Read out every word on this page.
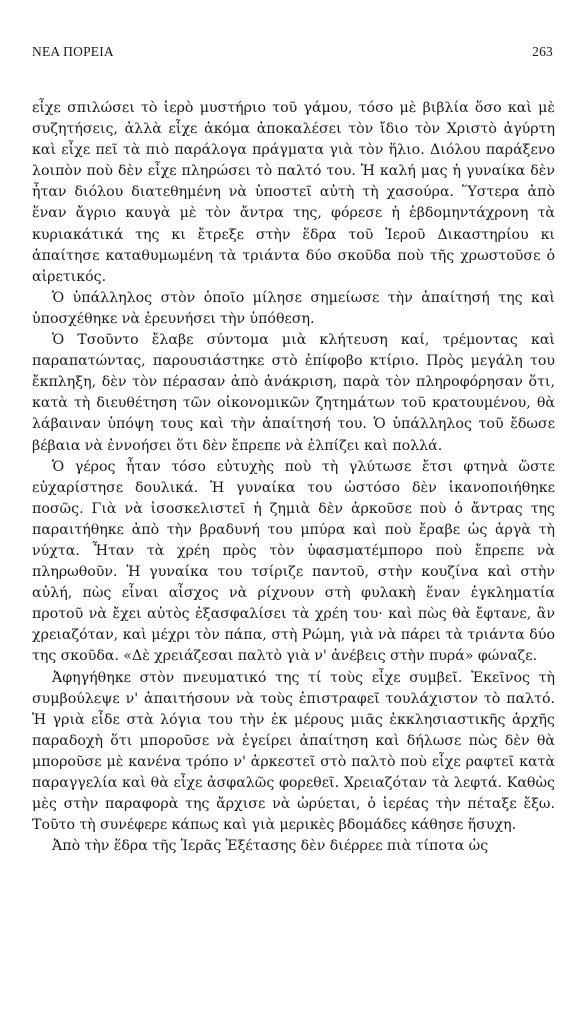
ΝΕΑ ΠΟΡΕΙΑ	263

εἶχε σπιλώσει τὸ ἱερὸ μυστήριο τοῦ γάμου, τόσο μὲ βιβλία ὅσο καὶ μὲ συζητήσεις, ἀλλὰ εἶχε ἀκόμα ἀποκαλέσει τὸν ἴδιο τὸν Χριστὸ ἀγύρτη καὶ εἶχε πεῖ τὰ πιὸ παράλογα πράγματα γιὰ τὸν ἥλιο. Διόλου παράξενο λοιπὸν ποὺ δὲν εἶχε πληρώσει τὸ παλτό του. Ἡ καλή μας ἡ γυναίκα δὲν ἦταν διόλου διατεθημένη νὰ ὑποστεῖ αὐτὴ τὴ χασούρα. Ὕστερα ἀπὸ ἕναν ἄγριο καυγὰ μὲ τὸν ἄντρα της, φόρεσε ἡ ἑβδομηντάχρονη τὰ κυριακάτικά της κι ἔτρεξε στὴν ἕδρα τοῦ Ἱεροῦ Δικαστηρίου κι ἀπαίτησε καταθυμωμένη τὰ τριάντα δύο σκοῦδα ποὺ τῆς χρωστοῦσε ὁ αἱρετικός.

Ὁ ὑπάλληλος στὸν ὁποῖο μίλησε σημείωσε τὴν ἀπαίτησή της καὶ ὑποσχέθηκε νὰ ἐρευνήσει τὴν ὑπόθεση.

Ὁ Τσοῦντο ἔλαβε σύντομα μιὰ κλήτευση καί, τρέμοντας καὶ παραπατώντας, παρουσιάστηκε στὸ ἐπίφοβο κτίριο. Πρὸς μεγάλη του ἔκπληξη, δὲν τὸν πέρασαν ἀπὸ ἀνάκριση, παρὰ τὸν πληροφόρησαν ὅτι, κατὰ τὴ διευθέτηση τῶν οἰκονομικῶν ζητημάτων τοῦ κρατουμένου, θὰ λάβαιναν ὑπόψη τους καὶ τὴν ἀπαίτησή του. Ὁ ὑπάλληλος τοῦ ἔδωσε βέβαια νὰ ἐννοήσει ὅτι δὲν ἔπρεπε νὰ ἐλπίζει καὶ πολλά.

Ὁ γέρος ἦταν τόσο εὐτυχὴς ποὺ τὴ γλύτωσε ἔτσι φτηνὰ ὥστε εὐχαρίστησε δουλικά. Ἡ γυναίκα του ὡστόσο δὲν ἱκανοποιήθηκε ποσῶς. Γιὰ νὰ ἰσοσκελιστεῖ ἡ ζημιὰ δὲν ἀρκοῦσε ποὺ ὁ ἄντρας της παραιτήθηκε ἀπὸ τὴν βραδυνή του μπύρα καὶ ποὺ ἔραβε ὡς ἀργὰ τὴ νύχτα. Ἦταν τὰ χρέη πρὸς τὸν ὑφασματέμπορο ποὺ ἔπρεπε νὰ πληρωθοῦν. Ἡ γυναίκα του τσίριζε παντοῦ, στὴν κουζίνα καὶ στὴν αὐλή, πὼς εἶναι αἶσχος νὰ ρίχνουν στὴ φυλακὴ ἕναν ἐγκληματία προτοῦ νὰ ἔχει αὐτὸς ἐξασφαλίσει τὰ χρέη του· καὶ πὼς θὰ ἔφτανε, ἂν χρειαζόταν, καὶ μέχρι τὸν πάπα, στὴ Ρώμη, γιὰ νὰ πάρει τὰ τριάντα δύο της σκοῦδα. «Δὲ χρειάζεσαι παλτὸ γιὰ ν' ἀνέβεις στὴν πυρά» φώναζε.

Ἀφηγήθηκε στὸν πνευματικό της τί τοὺς εἶχε συμβεῖ. Ἐκεῖνος τὴ συμβούλεψε ν' ἀπαιτήσουν νὰ τοὺς ἐπιστραφεῖ τουλάχιστον τὸ παλτό. Ἡ γριὰ εἶδε στὰ λόγια του τὴν ἐκ μέρους μιᾶς ἐκκλησιαστικῆς ἀρχῆς παραδοχὴ ὅτι μποροῦσε νὰ ἐγείρει ἀπαίτηση καὶ δήλωσε πὼς δὲν θὰ μποροῦσε μὲ κανένα τρόπο ν' ἀρκεστεῖ στὸ παλτὸ ποὺ εἶχε ραφτεῖ κατὰ παραγγελία καὶ θὰ εἶχε ἀσφαλῶς φορεθεῖ. Χρειαζόταν τὰ λεφτά. Καθὼς μὲς στὴν παραφορὰ της ἄρχισε νὰ ὠρύεται, ὁ ἱερέας τὴν πέταξε ἔξω. Τοῦτο τὴ συνέφερε κάπως καὶ γιὰ μερικὲς βδομάδες κάθησε ἥσυχη.

Ἀπὸ τὴν ἕδρα τῆς Ἱερᾶς Ἐξέτασης δὲν διέρρεε πιὰ τίποτα ὡς
